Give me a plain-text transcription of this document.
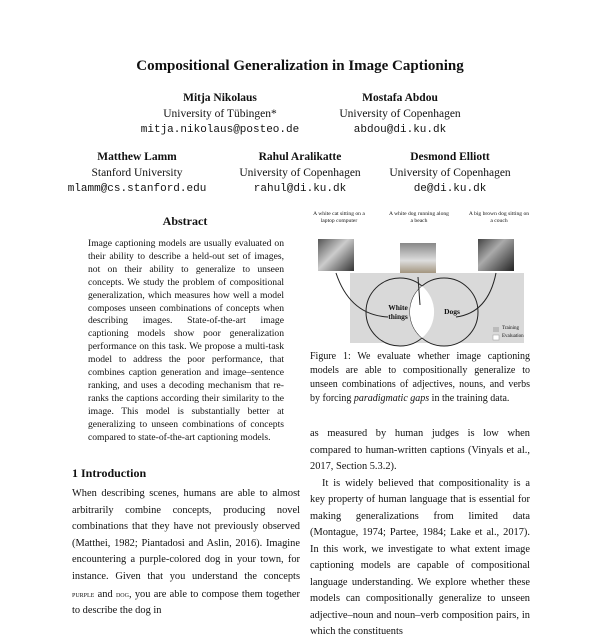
Compositional Generalization in Image Captioning
Mitja Nikolaus
University of Tübingen*
mitja.nikolaus@posteo.de
Mostafa Abdou
University of Copenhagen
abdou@di.ku.dk
Matthew Lamm
Stanford University
mlamm@cs.stanford.edu
Rahul Aralikatte
University of Copenhagen
rahul@di.ku.dk
Desmond Elliott
University of Copenhagen
de@di.ku.dk
Abstract
Image captioning models are usually evaluated on their ability to describe a held-out set of images, not on their ability to generalize to unseen concepts. We study the problem of compositional generalization, which measures how well a model composes unseen combinations of concepts when describing images. State-of-the-art image captioning models show poor generalization performance on this task. We propose a multi-task model to address the poor performance, that combines caption generation and image–sentence ranking, and uses a decoding mechanism that re-ranks the captions according their similarity to the image. This model is substantially better at generalizing to unseen combinations of concepts compared to state-of-the-art captioning models.
1 Introduction
When describing scenes, humans are able to almost arbitrarily combine concepts, producing novel combinations that they have not previously observed (Matthei, 1982; Piantadosi and Aslin, 2016). Imagine encountering a purple-colored dog in your town, for instance. Given that you understand the concepts purple and dog, you are able to compose them together to describe the dog in
A white cat sitting on a laptop computer
A white dog running along a beach
A big brown dog sitting on a couch
White things
Dogs
Training
Evaluation
Figure 1: We evaluate whether image captioning models are able to compositionally generalize to unseen combinations of adjectives, nouns, and verbs by forcing paradigmatic gaps in the training data.
as measured by human judges is low when compared to human-written captions (Vinyals et al., 2017, Section 5.3.2).
It is widely believed that compositionality is a key property of human language that is essential for making generalizations from limited data (Montague, 1974; Partee, 1984; Lake et al., 2017). In this work, we investigate to what extent image captioning models are capable of compositional language understanding. We explore whether these models can compositionally generalize to unseen adjective–noun and noun–verb composition pairs, in which the constituents
